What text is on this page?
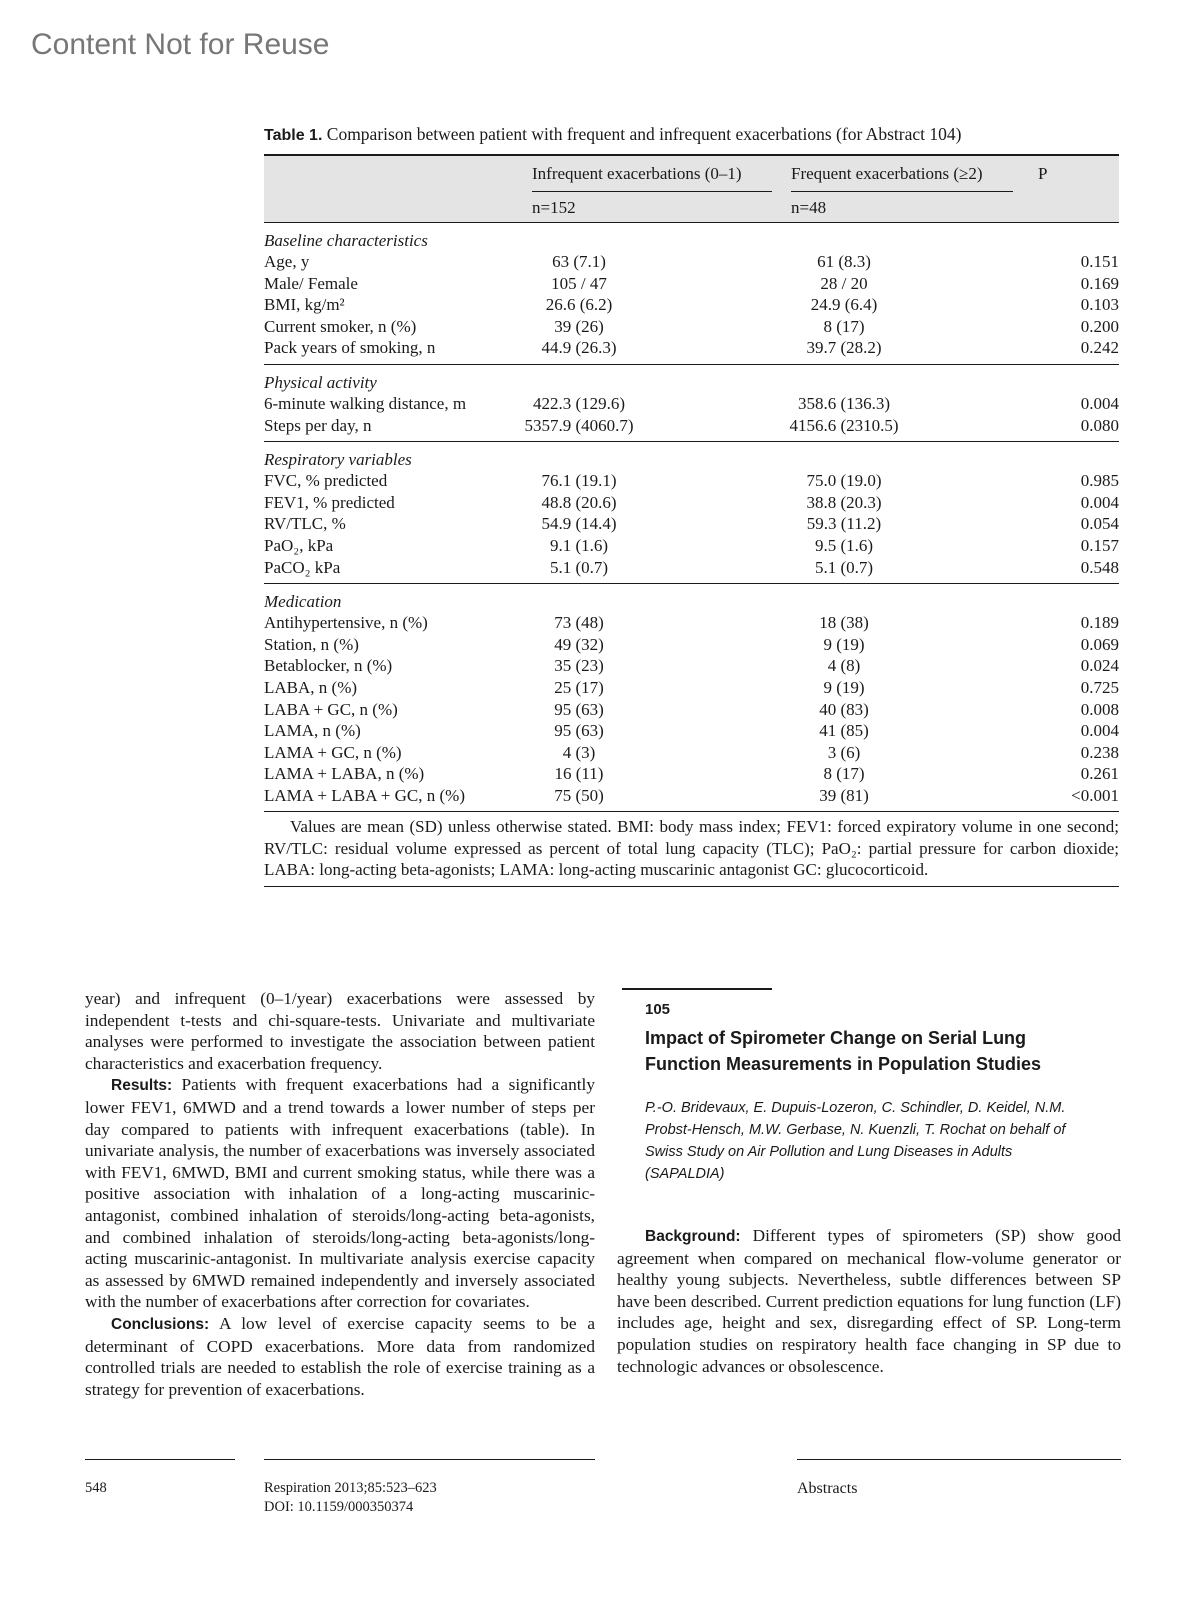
Content Not for Reuse
Table 1. Comparison between patient with frequent and infrequent exacerbations (for Abstract 104)
Infrequent exacerbations (0–1)	Frequent exacerbations (≥2)	P
n=152	n=48
Baseline characteristics
Age, y	63 (7.1)	61 (8.3)	0.151
Male/ Female	105 / 47	28 / 20	0.169
BMI, kg/m²	26.6 (6.2)	24.9 (6.4)	0.103
Current smoker, n (%)	39 (26)	8 (17)	0.200
Pack years of smoking, n	44.9 (26.3)	39.7 (28.2)	0.242
Physical activity
6-minute walking distance, m	422.3 (129.6)	358.6 (136.3)	0.004
Steps per day, n	5357.9 (4060.7)	4156.6 (2310.5)	0.080
Respiratory variables
FVC, % predicted	76.1 (19.1)	75.0 (19.0)	0.985
FEV1, % predicted	48.8 (20.6)	38.8 (20.3)	0.004
RV/TLC, %	54.9 (14.4)	59.3 (11.2)	0.054
PaO₂, kPa	9.1 (1.6)	9.5 (1.6)	0.157
PaCO₂ kPa	5.1 (0.7)	5.1 (0.7)	0.548
Medication
Antihypertensive, n (%)	73 (48)	18 (38)	0.189
Station, n (%)	49 (32)	9 (19)	0.069
Betablocker, n (%)	35 (23)	4 (8)	0.024
LABA, n (%)	25 (17)	9 (19)	0.725
LABA + GC, n (%)	95 (63)	40 (83)	0.008
LAMA, n (%)	95 (63)	41 (85)	0.004
LAMA + GC, n (%)	4 (3)	3 (6)	0.238
LAMA + LABA, n (%)	16 (11)	8 (17)	0.261
LAMA + LABA + GC, n (%)	75 (50)	39 (81)	<0.001
Values are mean (SD) unless otherwise stated. BMI: body mass index; FEV1: forced expiratory volume in one second; RV/TLC: residual volume expressed as percent of total lung capacity (TLC); PaO₂: partial pressure for carbon dioxide; LABA: long-acting beta-agonists; LAMA: long-acting muscarinic antagonist GC: glucocorticoid.

year) and infrequent (0–1/year) exacerbations were assessed by independent t-tests and chi-square-tests. Univariate and multivariate analyses were performed to investigate the association between patient characteristics and exacerbation frequency.

Results: Patients with frequent exacerbations had a significantly lower FEV1, 6MWD and a trend towards a lower number of steps per day compared to patients with infrequent exacerbations (table). In univariate analysis, the number of exacerbations was inversely associated with FEV1, 6MWD, BMI and current smoking status, while there was a positive association with inhalation of a long-acting muscarinic-antagonist, combined inhalation of steroids/long-acting beta-agonists, and combined inhalation of steroids/long-acting beta-agonists/long-acting muscarinic-antagonist. In multivariate analysis exercise capacity as assessed by 6MWD remained independently and inversely associated with the number of exacerbations after correction for covariates.

Conclusions: A low level of exercise capacity seems to be a determinant of COPD exacerbations. More data from randomized controlled trials are needed to establish the role of exercise training as a strategy for prevention of exacerbations.

105
Impact of Spirometer Change on Serial Lung Function Measurements in Population Studies
P.-O. Bridevaux, E. Dupuis-Lozeron, C. Schindler, D. Keidel, N.M. Probst-Hensch, M.W. Gerbase, N. Kuenzli, T. Rochat on behalf of Swiss Study on Air Pollution and Lung Diseases in Adults (SAPALDIA)

Background: Different types of spirometers (SP) show good agreement when compared on mechanical flow-volume generator or healthy young subjects. Nevertheless, subtle differences between SP have been described. Current prediction equations for lung function (LF) includes age, height and sex, disregarding effect of SP. Long-term population studies on respiratory health face changing in SP due to technologic advances or obsolescence.

548	Respiration 2013;85:523–623
DOI: 10.1159/000350374
Abstracts
